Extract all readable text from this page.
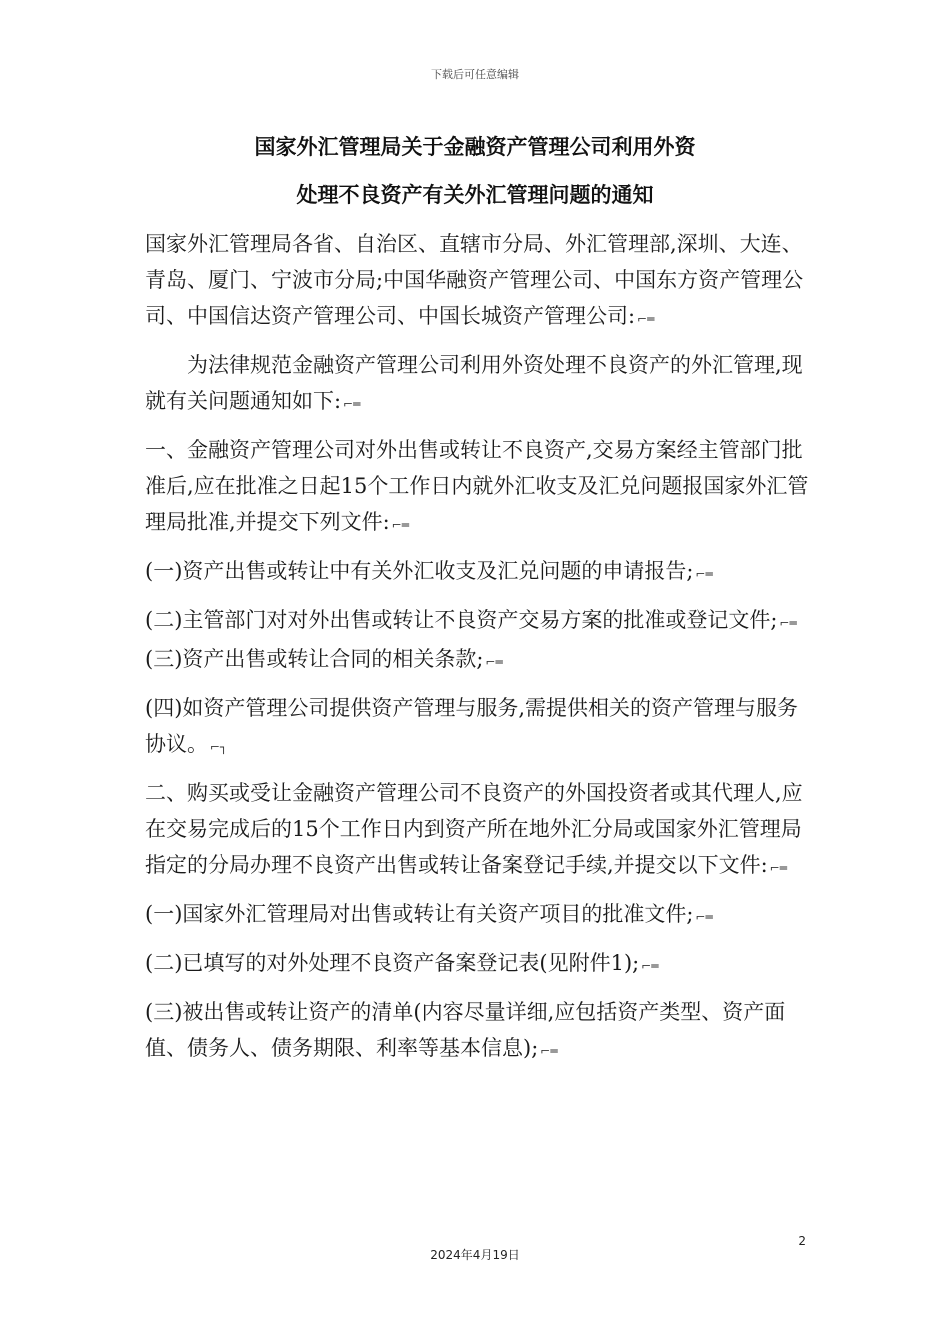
下载后可任意编辑
国家外汇管理局关于金融资产管理公司利用外资
处理不良资产有关外汇管理问题的通知

国家外汇管理局各省、自治区、直辖市分局、外汇管理部,深圳、大连、青岛、厦门、宁波市分局;中国华融资产管理公司、中国东方资产管理公司、中国信达资产管理公司、中国长城资产管理公司: ⌐═

为法律规范金融资产管理公司利用外资处理不良资产的外汇管理,现就有关问题通知如下: ⌐═

一、金融资产管理公司对外出售或转让不良资产,交易方案经主管部门批准后,应在批准之日起15个工作日内就外汇收支及汇兑问题报国家外汇管理局批准,并提交下列文件: ⌐═

(一)资产出售或转让中有关外汇收支及汇兑问题的申请报告; ⌐═

(二)主管部门对对外出售或转让不良资产交易方案的批准或登记文件; ⌐═ (三)资产出售或转让合同的相关条款; ⌐═

(四)如资产管理公司提供资产管理与服务,需提供相关的资产管理与服务协议。 ⌐┐

二、购买或受让金融资产管理公司不良资产的外国投资者或其代理人,应在交易完成后的15个工作日内到资产所在地外汇分局或国家外汇管理局指定的分局办理不良资产出售或转让备案登记手续,并提交以下文件: ⌐═

(一)国家外汇管理局对出售或转让有关资产项目的批准文件; ⌐═

(二)已填写的对外处理不良资产备案登记表(见附件1); ⌐═

(三)被出售或转让资产的清单(内容尽量详细,应包括资产类型、资产面值、债务人、债务期限、利率等基本信息); ⌐═

2
2024年4月19日
